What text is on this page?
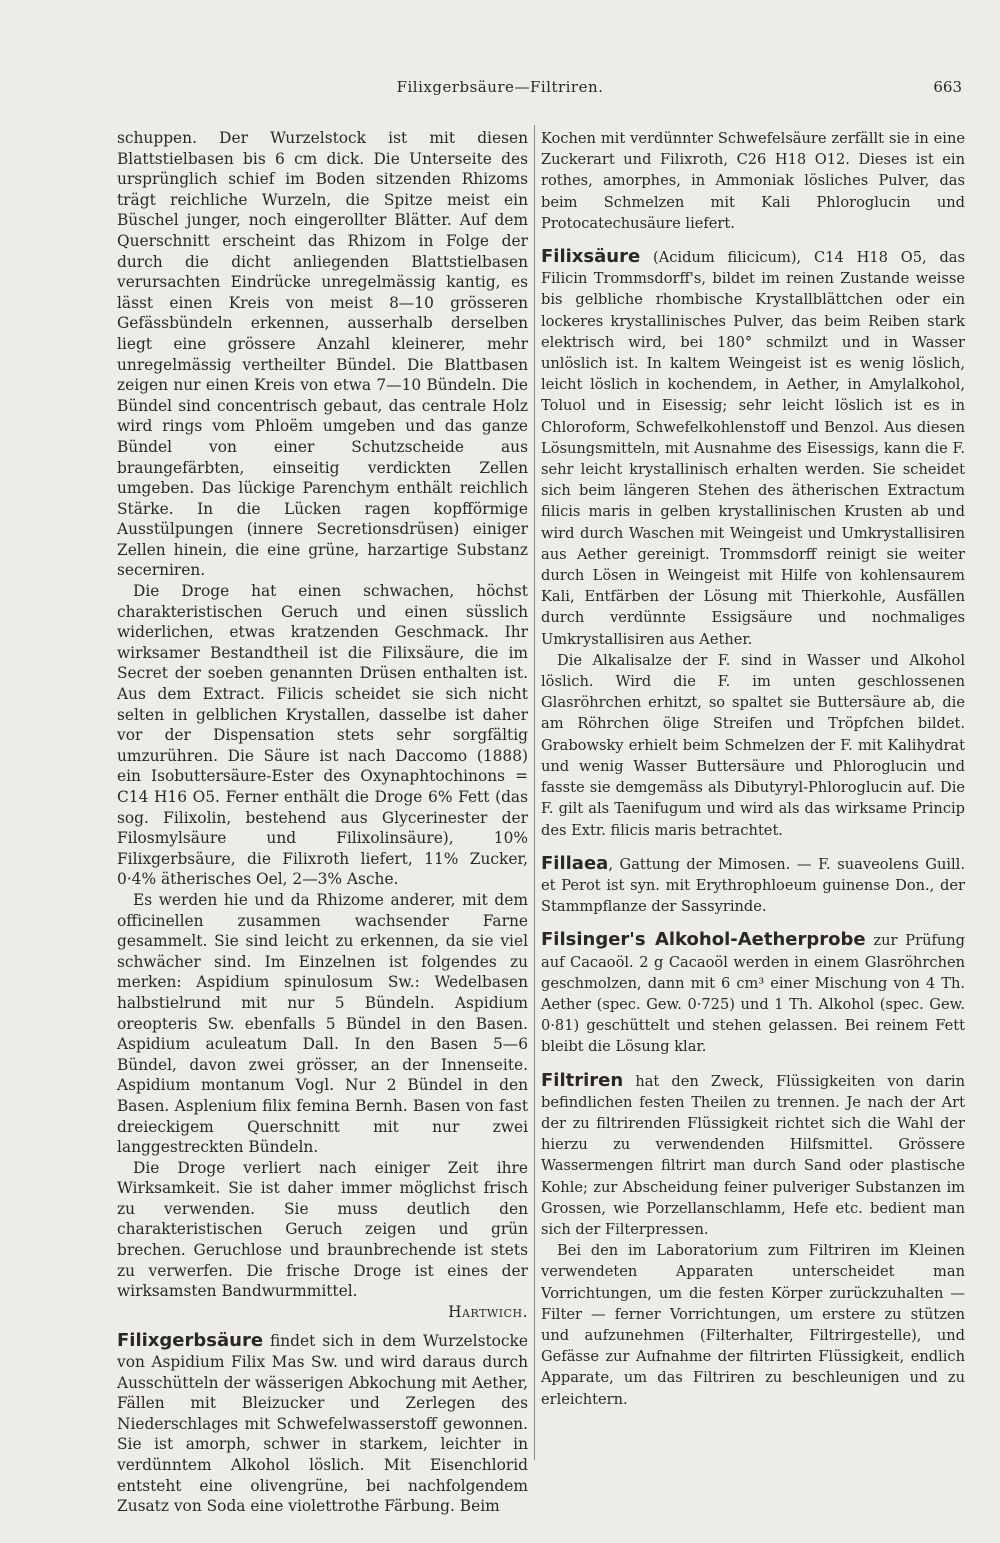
Filixgerbsäure—Filtriren.	663

schuppen. Der Wurzelstock ist mit diesen Blattstielbasen bis 6 cm dick. Die Unterseite des ursprünglich schief im Boden sitzenden Rhizoms trägt reichliche Wurzeln, die Spitze meist ein Büschel junger, noch eingerollter Blätter. Auf dem Querschnitt erscheint das Rhizom in Folge der durch die dicht anliegenden Blattstielbasen verursachten Eindrücke unregelmässig kantig, es lässt einen Kreis von meist 8—10 grösseren Gefässbündeln erkennen, ausserhalb derselben liegt eine grössere Anzahl kleinerer, mehr unregelmässig vertheilter Bündel. Die Blattbasen zeigen nur einen Kreis von etwa 7—10 Bündeln. Die Bündel sind concentrisch gebaut, das centrale Holz wird rings vom Phloëm umgeben und das ganze Bündel von einer Schutzscheide aus braungefärbten, einseitig verdickten Zellen umgeben. Das lückige Parenchym enthält reichlich Stärke. In die Lücken ragen kopfförmige Ausstülpungen (innere Secretionsdrüsen) einiger Zellen hinein, die eine grüne, harzartige Substanz secerniren.

Die Droge hat einen schwachen, höchst charakteristischen Geruch und einen süsslich widerlichen, etwas kratzenden Geschmack. Ihr wirksamer Bestandtheil ist die Filixsäure, die im Secret der soeben genannten Drüsen enthalten ist. Aus dem Extract. Filicis scheidet sie sich nicht selten in gelblichen Krystallen, dasselbe ist daher vor der Dispensation stets sehr sorgfältig umzurühren. Die Säure ist nach Daccomo (1888) ein Isobuttersäure-Ester des Oxynaphtochinons = C14 H16 O5. Ferner enthält die Droge 6% Fett (das sog. Filixolin, bestehend aus Glycerinester der Filosmylsäure und Filixolinsäure), 10% Filixgerbsäure, die Filixroth liefert, 11% Zucker, 0·4% ätherisches Oel, 2—3% Asche.

Es werden hie und da Rhizome anderer, mit dem officinellen zusammen wachsender Farne gesammelt. Sie sind leicht zu erkennen, da sie viel schwächer sind. Im Einzelnen ist folgendes zu merken: Aspidium spinulosum Sw.: Wedelbasen halbstielrund mit nur 5 Bündeln. Aspidium oreopteris Sw. ebenfalls 5 Bündel in den Basen. Aspidium aculeatum Dall. In den Basen 5—6 Bündel, davon zwei grösser, an der Innenseite. Aspidium montanum Vogl. Nur 2 Bündel in den Basen. Asplenium filix femina Bernh. Basen von fast dreieckigem Querschnitt mit nur zwei langgestreckten Bündeln.

Die Droge verliert nach einiger Zeit ihre Wirksamkeit. Sie ist daher immer möglichst frisch zu verwenden. Sie muss deutlich den charakteristischen Geruch zeigen und grün brechen. Geruchlose und braunbrechende ist stets zu verwerfen. Die frische Droge ist eines der wirksamsten Bandwurmmittel.

Hartwich.

Filixgerbsäure findet sich in dem Wurzelstocke von Aspidium Filix Mas Sw. und wird daraus durch Ausschütteln der wässerigen Abkochung mit Aether, Fällen mit Bleizucker und Zerlegen des Niederschlages mit Schwefelwasserstoff gewonnen. Sie ist amorph, schwer in starkem, leichter in verdünntem Alkohol löslich. Mit Eisenchlorid entsteht eine olivengrüne, bei nachfolgendem Zusatz von Soda eine violettrothe Färbung. Beim

Kochen mit verdünnter Schwefelsäure zerfällt sie in eine Zuckerart und Filixroth, C26 H18 O12. Dieses ist ein rothes, amorphes, in Ammoniak lösliches Pulver, das beim Schmelzen mit Kali Phloroglucin und Protocatechusäure liefert.

Filixsäure (Acidum filicicum), C14 H18 O5, das Filicin Trommsdorff's, bildet im reinen Zustande weisse bis gelbliche rhombische Krystallblättchen oder ein lockeres krystallinisches Pulver, das beim Reiben stark elektrisch wird, bei 180° schmilzt und in Wasser unlöslich ist. In kaltem Weingeist ist es wenig löslich, leicht löslich in kochendem, in Aether, in Amylalkohol, Toluol und in Eisessig; sehr leicht löslich ist es in Chloroform, Schwefelkohlenstoff und Benzol. Aus diesen Lösungsmitteln, mit Ausnahme des Eisessigs, kann die F. sehr leicht krystallinisch erhalten werden. Sie scheidet sich beim längeren Stehen des ätherischen Extractum filicis maris in gelben krystallinischen Krusten ab und wird durch Waschen mit Weingeist und Umkrystallisiren aus Aether gereinigt. Trommsdorff reinigt sie weiter durch Lösen in Weingeist mit Hilfe von kohlensaurem Kali, Entfärben der Lösung mit Thierkohle, Ausfällen durch verdünnte Essigsäure und nochmaliges Umkrystallisiren aus Aether.

Die Alkalisalze der F. sind in Wasser und Alkohol löslich. Wird die F. im unten geschlossenen Glasröhrchen erhitzt, so spaltet sie Buttersäure ab, die am Röhrchen ölige Streifen und Tröpfchen bildet. Grabowsky erhielt beim Schmelzen der F. mit Kalihydrat und wenig Wasser Buttersäure und Phloroglucin und fasste sie demgemäss als Dibutyryl-Phloroglucin auf. Die F. gilt als Taenifugum und wird als das wirksame Princip des Extr. filicis maris betrachtet.

Fillaea, Gattung der Mimosen. — F. suaveolens Guill. et Perot ist syn. mit Erythrophloeum guinense Don., der Stammpflanze der Sassyrinde.

Filsinger's Alkohol-Aetherprobe zur Prüfung auf Cacaoöl. 2 g Cacaoöl werden in einem Glasröhrchen geschmolzen, dann mit 6 cm³ einer Mischung von 4 Th. Aether (spec. Gew. 0·725) und 1 Th. Alkohol (spec. Gew. 0·81) geschüttelt und stehen gelassen. Bei reinem Fett bleibt die Lösung klar.

Filtriren hat den Zweck, Flüssigkeiten von darin befindlichen festen Theilen zu trennen. Je nach der Art der zu filtrirenden Flüssigkeit richtet sich die Wahl der hierzu zu verwendenden Hilfsmittel. Grössere Wassermengen filtrirt man durch Sand oder plastische Kohle; zur Abscheidung feiner pulveriger Substanzen im Grossen, wie Porzellanschlamm, Hefe etc. bedient man sich der Filterpressen.

Bei den im Laboratorium zum Filtriren im Kleinen verwendeten Apparaten unterscheidet man Vorrichtungen, um die festen Körper zurückzuhalten — Filter — ferner Vorrichtungen, um erstere zu stützen und aufzunehmen (Filterhalter, Filtrirgestelle), und Gefässe zur Aufnahme der filtrirten Flüssigkeit, endlich Apparate, um das Filtriren zu beschleunigen und zu erleichtern.
